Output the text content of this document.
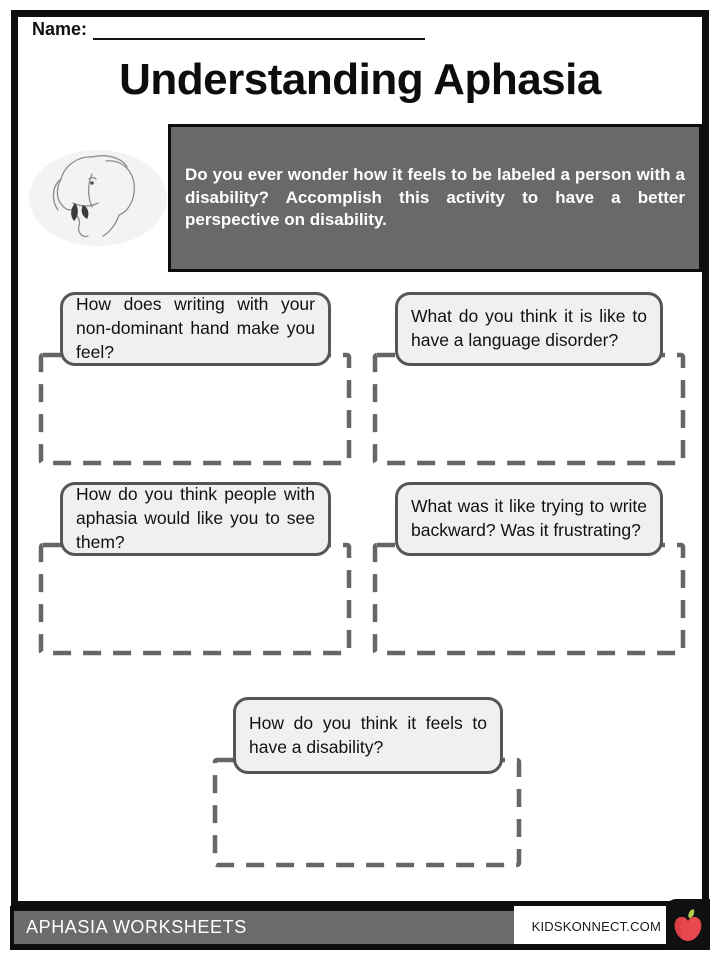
Name:
Understanding Aphasia

Do you ever wonder how it feels to be labeled a person with a disability? Accomplish this activity to have a better perspective on disability.

How does writing with your non-dominant hand make you feel?

What do you think it is like to have a language disorder?

How do you think people with aphasia would like you to see them?

What was it like trying to write backward? Was it frustrating?

How do you think it feels to have a disability?

APHASIA WORKSHEETS	KIDSKONNECT.COM
